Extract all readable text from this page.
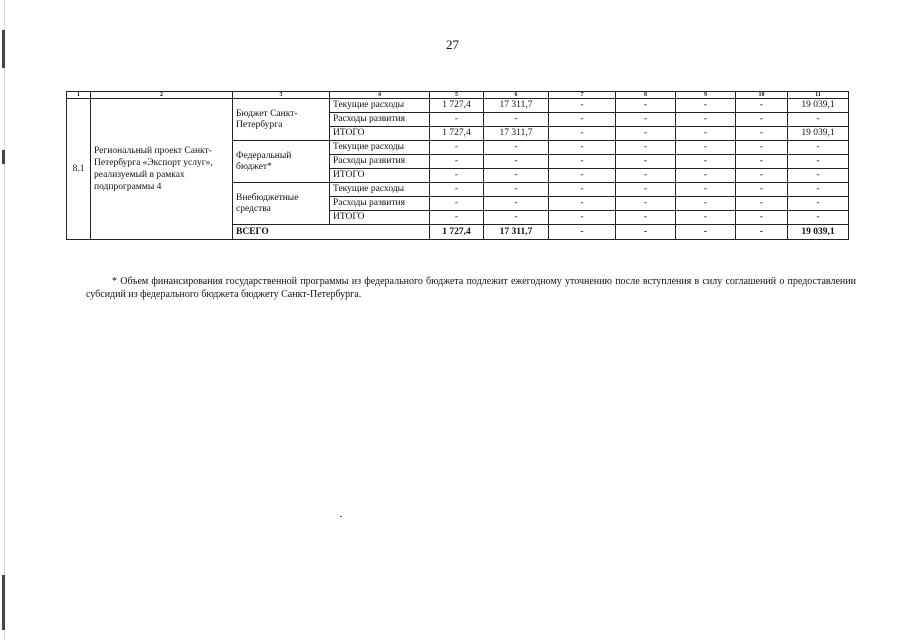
27
1	2	3	4	5	6	7	8	9	10	11
8.1	Региональный проект Санкт-Петербурга «Экспорт услуг», реализуемый в рамках подпрограммы 4	Бюджет Санкт-Петербурга	Текущие расходы	1 727,4	17 311,7	-	-	-	-	19 039,1
			Расходы развития	-	-	-	-	-	-	-
			ИТОГО	1 727,4	17 311,7	-	-	-	-	19 039,1
		Федеральный бюджет*	Текущие расходы	-	-	-	-	-	-	-
			Расходы развития	-	-	-	-	-	-	-
			ИТОГО	-	-	-	-	-	-	-
		Внебюджетные средства	Текущие расходы	-	-	-	-	-	-	-
			Расходы развития	-	-	-	-	-	-	-
			ИТОГО	-	-	-	-	-	-	-
		ВСЕГО		1 727,4	17 311,7	-	-	-	-	19 039,1
* Объем финансирования государственной программы из федерального бюджета подлежит ежегодному уточнению после вступления в силу соглашений о предоставлении субсидий из федерального бюджета бюджету Санкт-Петербурга.
